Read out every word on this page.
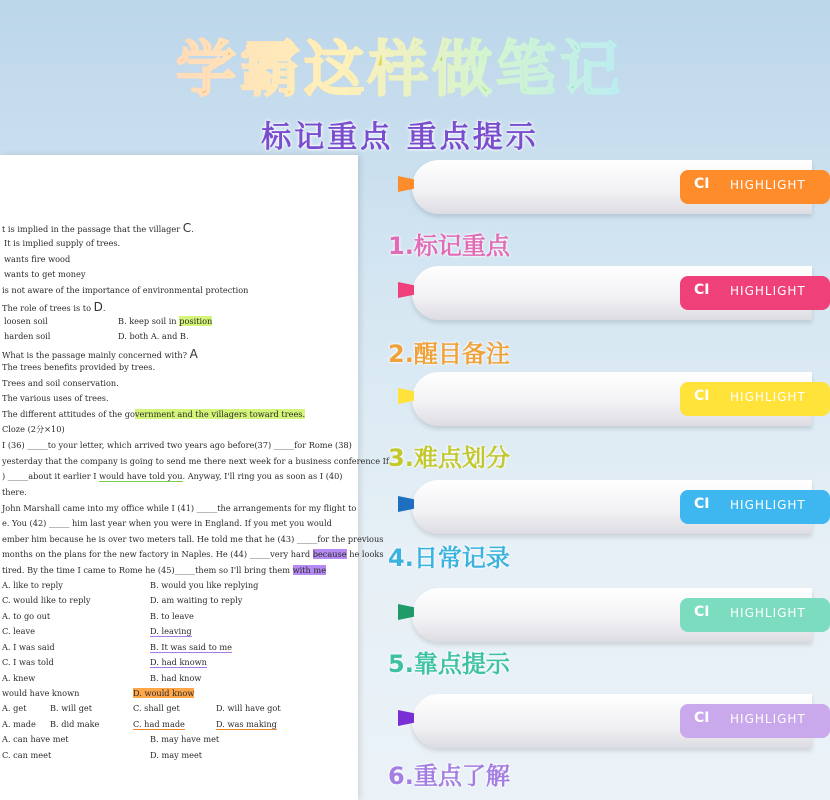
学霸这样做笔记
标记重点 重点提示
t is implied in the passage that the villager C.
It is implied supply of trees.
wants fire wood
wants to get money
is not aware of the importance of environmental protection
The role of trees is to D.
loosen soil	B. keep soil in position
harden soil	D. both A. and B.
What is the passage mainly concerned with? A
The trees benefits provided by trees.
Trees and soil conservation.
The various uses of trees.
The different attitudes of the government and the villagers toward trees.
Cloze (2分×10)
I (36) _____to your letter, which arrived two years ago before(37) _____for Rome (38)
yesterday that the company is going to send me there next week for a business conference If
) _____about it earlier I would have told you. Anyway, I'll ring you as soon as I (40)
there.
John Marshall came into my office while I (41) _____the arrangements for my flight to
e. You (42) _____ him last year when you were in England. If you met you would
ember him because he is over two meters tall. He told me that he (43) _____for the previous
months on the plans for the new factory in Naples. He (44) _____very hard because he looks
tired. By the time I came to Rome he (45)_____them so I'll bring them with me
A. like to reply	B. would you like replying
C. would like to reply	D. am waiting to reply
A. to go out	B. to leave
C. leave	D. leaving
A. I was said	B. It was said to me
C. I was told	D. had known
A. knew	B. had know
would have known	D. would know
A. get	B. will get	C. shall get	D. will have got
A. made B. did make	C. had made	D. was making
A. can have met	B. may have met
C. can meet	D. may meet
CI HIGHLIGHT
CI HIGHLIGHT
CI HIGHLIGHT
CI HIGHLIGHT
CI HIGHLIGHT
CI HIGHLIGHT
1.标记重点
2.醒目备注
3.难点划分
4.日常记录
5.靠点提示
6.重点了解
